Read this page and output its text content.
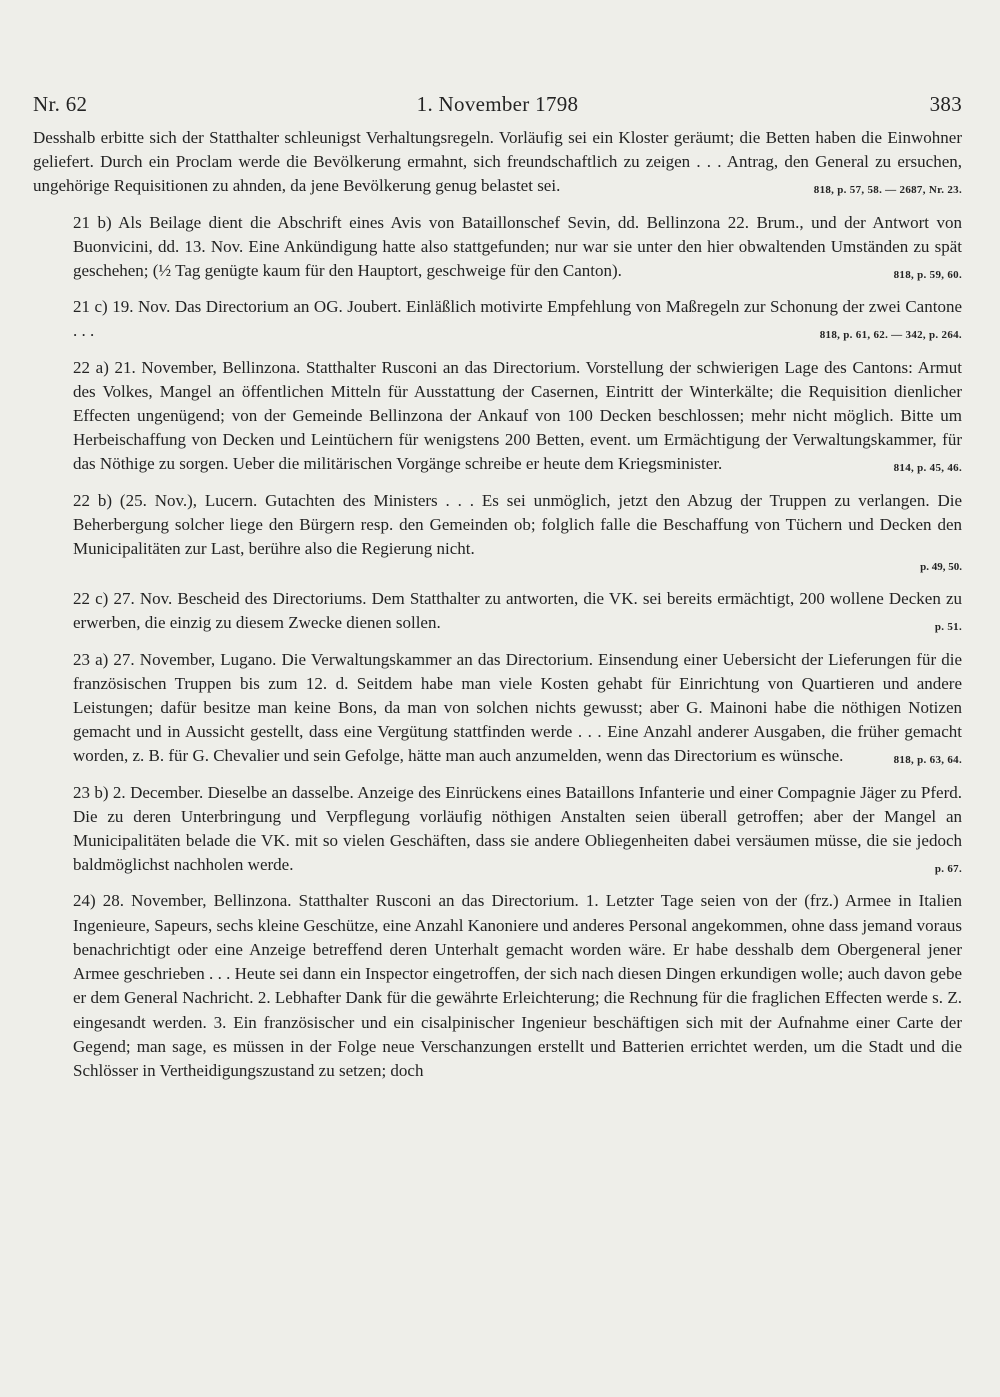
Nr. 62	1. November 1798	383

Desshalb erbitte sich der Statthalter schleunigst Verhaltungsregeln. Vorläufig sei ein Kloster geräumt; die Betten haben die Einwohner geliefert. Durch ein Proclam werde die Bevölkerung ermahnt, sich freundschaftlich zu zeigen . . . Antrag, den General zu ersuchen, ungehörige Requisitionen zu ahnden, da jene Bevölkerung genug belastet sei.	818, p. 57, 58. — 2687, Nr. 23.

21 b) Als Beilage dient die Abschrift eines Avis von Bataillonschef Sevin, dd. Bellinzona 22. Brum., und der Antwort von Buonvicini, dd. 13. Nov. Eine Ankündigung hatte also stattgefunden; nur war sie unter den hier obwaltenden Umständen zu spät geschehen; (½ Tag genügte kaum für den Hauptort, geschweige für den Canton).	818, p. 59, 60.

21 c) 19. Nov. Das Directorium an OG. Joubert. Einläßlich motivirte Empfehlung von Maßregeln zur Schonung der zwei Cantone . . .	818, p. 61, 62. — 342, p. 264.

22 a) 21. November, Bellinzona. Statthalter Rusconi an das Directorium. Vorstellung der schwierigen Lage des Cantons: Armut des Volkes, Mangel an öffentlichen Mitteln für Ausstattung der Casernen, Eintritt der Winterkälte; die Requisition dienlicher Effecten ungenügend; von der Gemeinde Bellinzona der Ankauf von 100 Decken beschlossen; mehr nicht möglich. Bitte um Herbeischaffung von Decken und Leintüchern für wenigstens 200 Betten, event. um Ermächtigung der Verwaltungskammer, für das Nöthige zu sorgen. Ueber die militärischen Vorgänge schreibe er heute dem Kriegsminister.	814, p. 45, 46.

22 b) (25. Nov.), Lucern. Gutachten des Ministers . . . Es sei unmöglich, jetzt den Abzug der Truppen zu verlangen. Die Beherbergung solcher liege den Bürgern resp. den Gemeinden ob; folglich falle die Beschaffung von Tüchern und Decken den Municipalitäten zur Last, berühre also die Regierung nicht.
p. 49, 50.

22 c) 27. Nov. Bescheid des Directoriums. Dem Statthalter zu antworten, die VK. sei bereits ermächtigt, 200 wollene Decken zu erwerben, die einzig zu diesem Zwecke dienen sollen.	p. 51.

23 a) 27. November, Lugano. Die Verwaltungskammer an das Directorium. Einsendung einer Uebersicht der Lieferungen für die französischen Truppen bis zum 12. d. Seitdem habe man viele Kosten gehabt für Einrichtung von Quartieren und andere Leistungen; dafür besitze man keine Bons, da man von solchen nichts gewusst; aber G. Mainoni habe die nöthigen Notizen gemacht und in Aussicht gestellt, dass eine Vergütung stattfinden werde . . . Eine Anzahl anderer Ausgaben, die früher gemacht worden, z. B. für G. Chevalier und sein Gefolge, hätte man auch anzumelden, wenn das Directorium es wünsche.	818, p. 63, 64.

23 b) 2. December. Dieselbe an dasselbe. Anzeige des Einrückens eines Bataillons Infanterie und einer Compagnie Jäger zu Pferd. Die zu deren Unterbringung und Verpflegung vorläufig nöthigen Anstalten seien überall getroffen; aber der Mangel an Municipalitäten belade die VK. mit so vielen Geschäften, dass sie andere Obliegenheiten dabei versäumen müsse, die sie jedoch baldmöglichst nachholen werde.	p. 67.

24) 28. November, Bellinzona. Statthalter Rusconi an das Directorium. 1. Letzter Tage seien von der (frz.) Armee in Italien Ingenieure, Sapeurs, sechs kleine Geschütze, eine Anzahl Kanoniere und anderes Personal angekommen, ohne dass jemand voraus benachrichtigt oder eine Anzeige betreffend deren Unterhalt gemacht worden wäre. Er habe desshalb dem Obergeneral jener Armee geschrieben . . . Heute sei dann ein Inspector eingetroffen, der sich nach diesen Dingen erkundigen wolle; auch davon gebe er dem General Nachricht. 2. Lebhafter Dank für die gewährte Erleichterung; die Rechnung für die fraglichen Effecten werde s. Z. eingesandt werden. 3. Ein französischer und ein cisalpinischer Ingenieur beschäftigen sich mit der Aufnahme einer Carte der Gegend; man sage, es müssen in der Folge neue Verschanzungen erstellt und Batterien errichtet werden, um die Stadt und die Schlösser in Vertheidigungszustand zu setzen; doch
